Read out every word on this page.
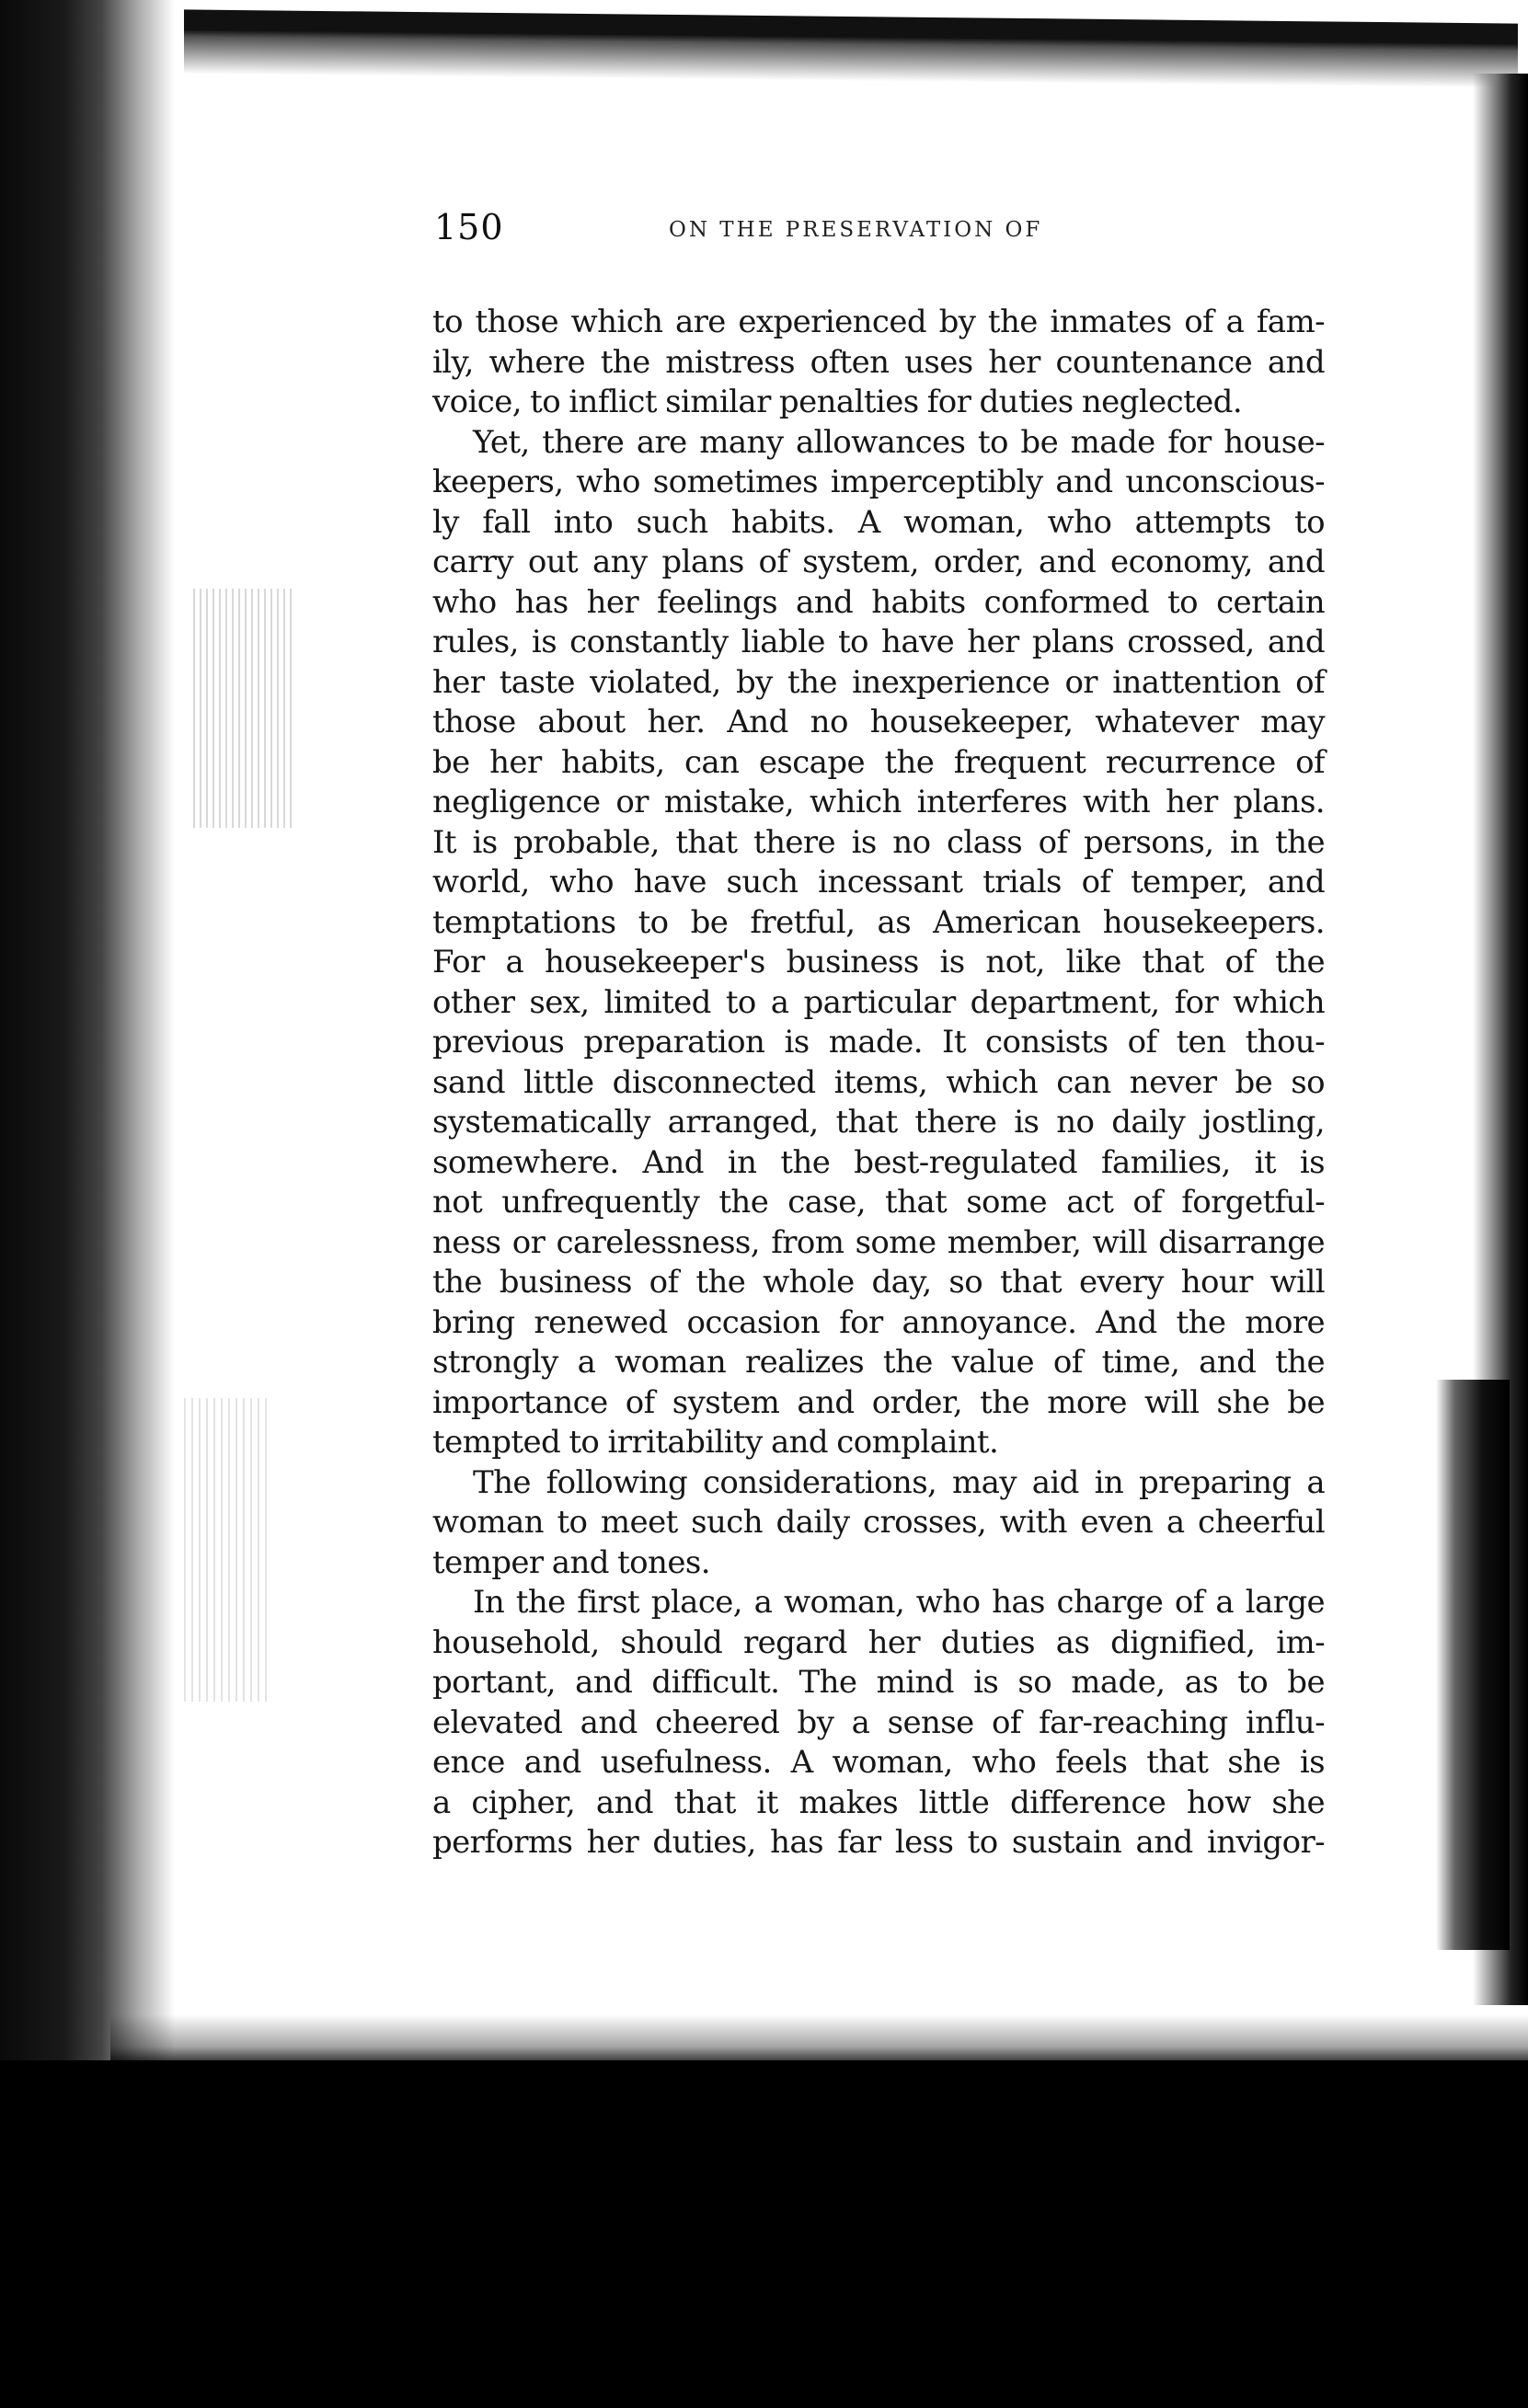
150	ON THE PRESERVATION OF

to those which are experienced by the inmates of a fam-
ily, where the mistress often uses her countenance and
voice, to inflict similar penalties for duties neglected.

Yet, there are many allowances to be made for house-
keepers, who sometimes imperceptibly and unconscious-
ly fall into such habits. A woman, who attempts to
carry out any plans of system, order, and economy, and
who has her feelings and habits conformed to certain
rules, is constantly liable to have her plans crossed, and
her taste violated, by the inexperience or inattention of
those about her. And no housekeeper, whatever may
be her habits, can escape the frequent recurrence of
negligence or mistake, which interferes with her plans.
It is probable, that there is no class of persons, in the
world, who have such incessant trials of temper, and
temptations to be fretful, as American housekeepers.
For a housekeeper's business is not, like that of the
other sex, limited to a particular department, for which
previous preparation is made. It consists of ten thou-
sand little disconnected items, which can never be so
systematically arranged, that there is no daily jostling,
somewhere. And in the best-regulated families, it is
not unfrequently the case, that some act of forgetful-
ness or carelessness, from some member, will disarrange
the business of the whole day, so that every hour will
bring renewed occasion for annoyance. And the more
strongly a woman realizes the value of time, and the
importance of system and order, the more will she be
tempted to irritability and complaint.

The following considerations, may aid in preparing a
woman to meet such daily crosses, with even a cheerful
temper and tones.

In the first place, a woman, who has charge of a large
household, should regard her duties as dignified, im-
portant, and difficult. The mind is so made, as to be
elevated and cheered by a sense of far-reaching influ-
ence and usefulness. A woman, who feels that she is
a cipher, and that it makes little difference how she
performs her duties, has far less to sustain and invigor-
